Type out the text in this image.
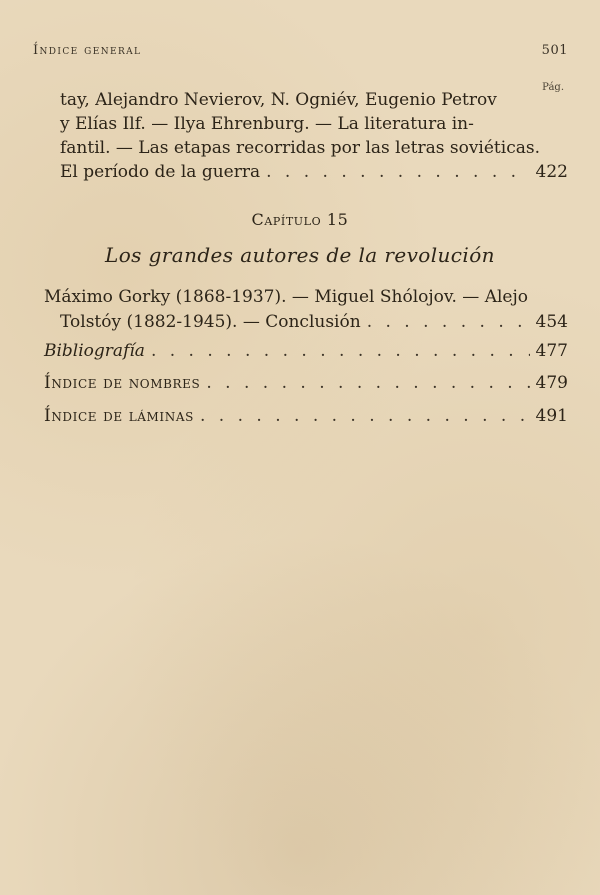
Índice general	501
Pág.
tay, Alejandro Nevierov, N. Ogniév, Eugenio Petrov
y Elías Ilf. — Ilya Ehrenburg. — La literatura in-
fantil. — Las etapas recorridas por las letras soviéticas.
El período de la guerra . . .	422
Capítulo 15
Los grandes autores de la revolución
Máximo Gorky (1868-1937). — Miguel Shólojov. — Alejo
Tolstóy (1882-1945). — Conclusión . . .	454
Bibliografía . . .	477
Índice de nombres . . .	479
Índice de láminas . . .	491
